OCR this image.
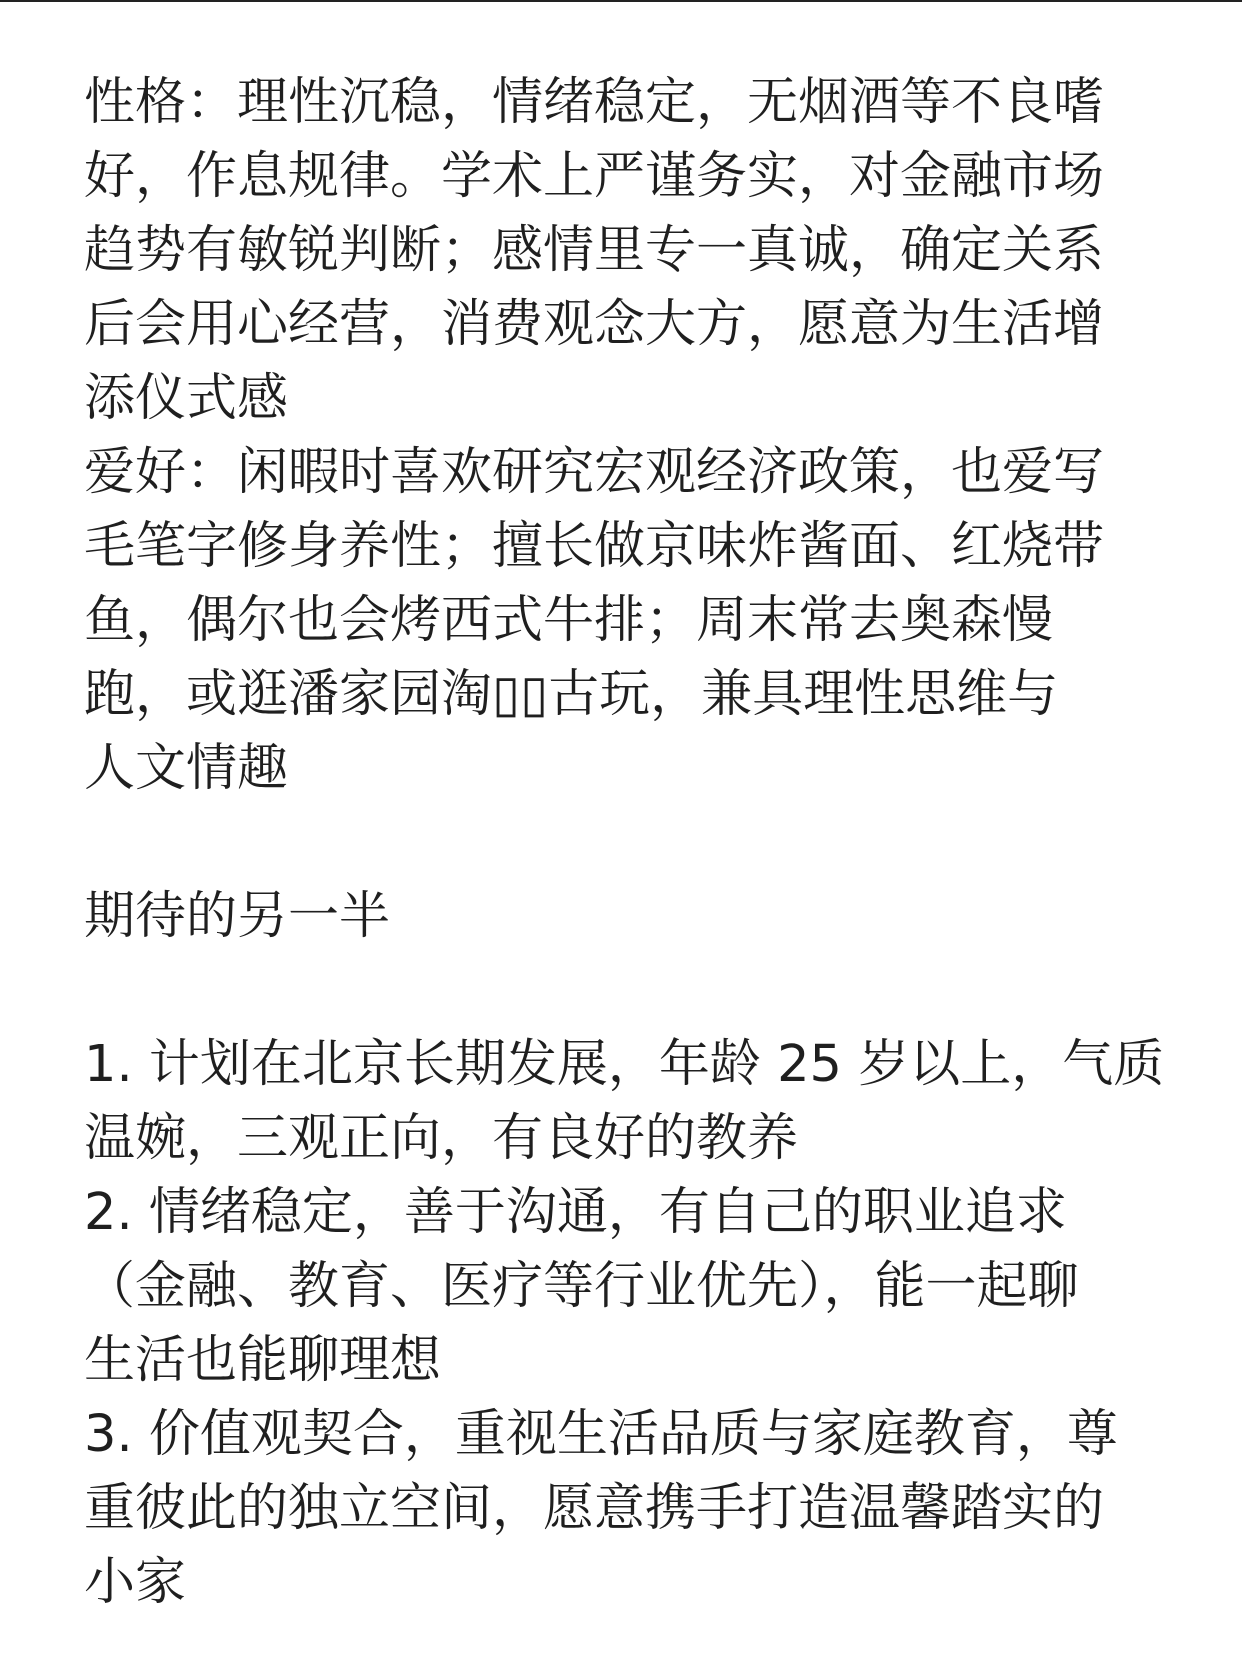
性格：理性沉稳，情绪稳定，无烟酒等不良嗜
好，作息规律。学术上严谨务实，对金融市场
趋势有敏锐判断；感情里专一真诚，确定关系
后会用心经营，消费观念大方，愿意为生活增
添仪式感

爱好：闲暇时喜欢研究宏观经济政策，也爱写
毛笔字修身养性；擅长做京味炸酱面、红烧带
鱼，偶尔也会烤西式牛排；周末常去奥森慢
跑，或逛潘家园淘▯▯古玩，兼具理性思维与
人文情趣

期待的另一半

1. 计划在北京长期发展，年龄 25 岁以上，气质
温婉，三观正向，有良好的教养

2. 情绪稳定，善于沟通，有自己的职业追求
（金融、教育、医疗等行业优先），能一起聊
生活也能聊理想

3. 价值观契合，重视生活品质与家庭教育，尊
重彼此的独立空间，愿意携手打造温馨踏实的
小家
